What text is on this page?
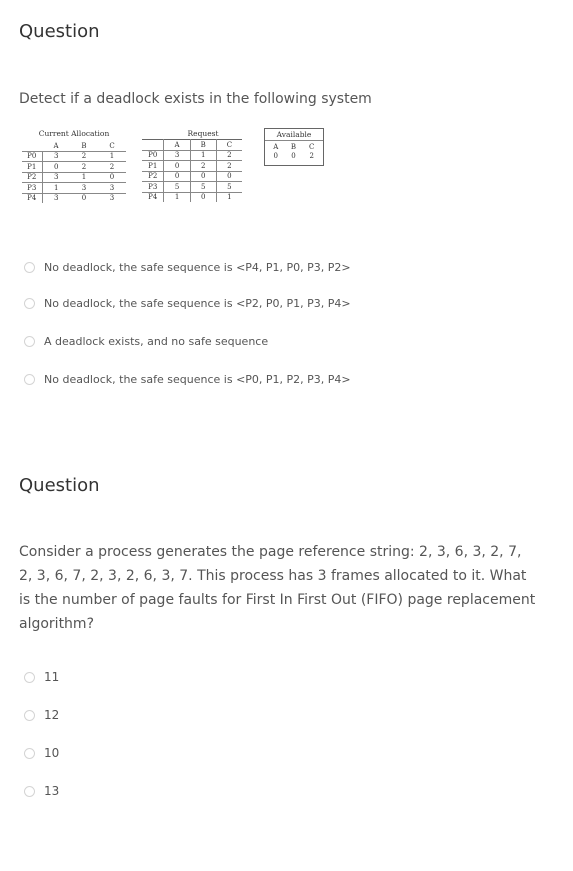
Question
Detect if a deadlock exists in the following system
Current Allocation
	A	B	C
P0	3	2	1
P1	0	2	2
P2	3	1	0
P3	1	3	3
P4	3	0	3
Request
	A	B	C
P0	3	1	2
P1	0	2	2
P2	0	0	0
P3	5	5	5
P4	1	0	1
Available
A	B	C
0	0	2
No deadlock, the safe sequence is <P4, P1, P0, P3, P2>
No deadlock, the safe sequence is <P2, P0, P1, P3, P4>
A deadlock exists, and no safe sequence
No deadlock, the safe sequence is <P0, P1, P2, P3, P4>
Question
Consider a process generates the page reference string: 2, 3, 6, 3, 2, 7, 2, 3, 6, 7, 2, 3, 2, 6, 3, 7. This process has 3 frames allocated to it. What is the number of page faults for First In First Out (FIFO) page replacement algorithm?
11
12
10
13
